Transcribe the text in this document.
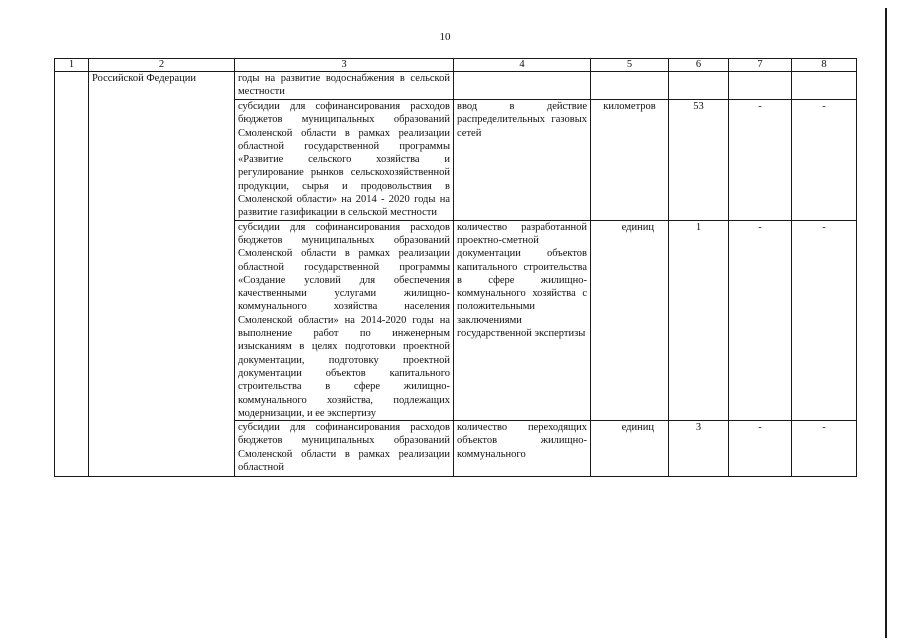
10
1	2	3	4	5	6	7	8
	Российской Федерации	годы на развитие водоснабжения в сельской местности					
		субсидии для софинансирования расходов бюджетов муниципальных образований Смоленской области в рамках реализации областной государственной программы «Развитие сельского хозяйства и регулирование рынков сельскохозяйственной продукции, сырья и продовольствия в Смоленской области» на 2014 - 2020 годы на развитие газификации в сельской местности	ввод в действие распределительных газовых сетей	километров	53	-	-
		субсидии для софинансирования расходов бюджетов муниципальных образований Смоленской области в рамках реализации областной государственной программы «Создание условий для обеспечения качественными услугами жилищно-коммунального хозяйства населения Смоленской области» на 2014-2020 годы на выполнение работ по инженерным изысканиям в целях подготовки проектной документации, подготовку проектной документации объектов капитального строительства в сфере жилищно-коммунального хозяйства, подлежащих модернизации, и ее экспертизу	количество разработанной проектно-сметной документации объектов капитального строительства в сфере жилищно-коммунального хозяйства с положительными заключениями государственной экспертизы	единиц	1	-	-
		субсидии для софинансирования расходов бюджетов муниципальных образований Смоленской области в рамках реализации областной	количество переходящих объектов жилищно-коммунального	единиц	3	-	-
